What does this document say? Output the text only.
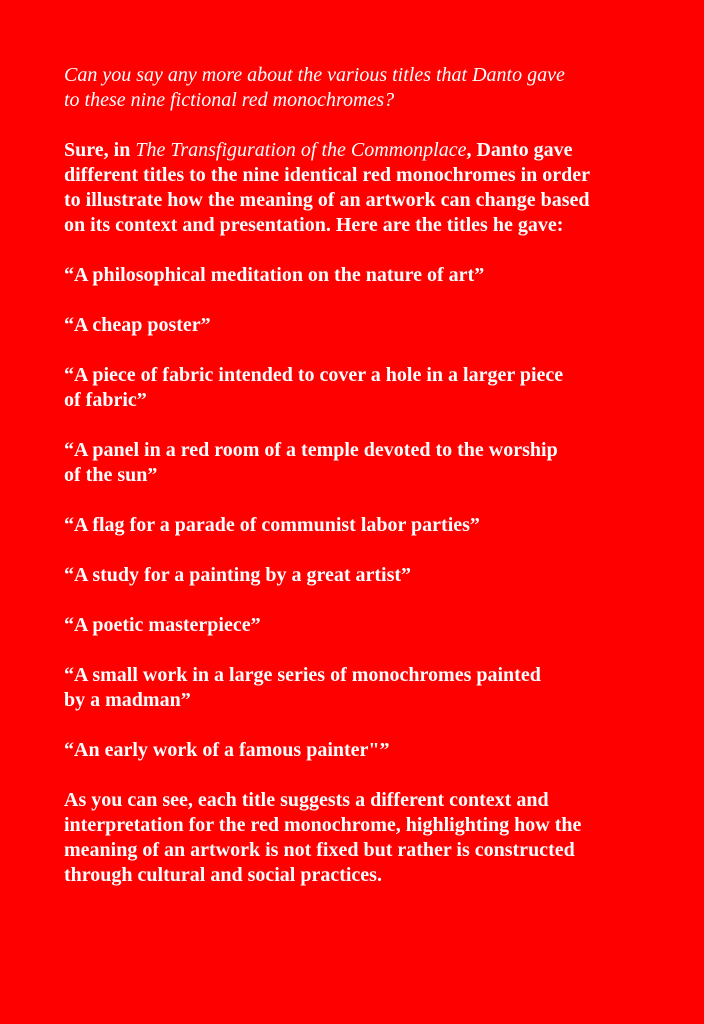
Can you say any more about the various titles that Danto gave
to these nine fictional red monochromes?

Sure, in The Transfiguration of the Commonplace, Danto gave
different titles to the nine identical red monochromes in order
to illustrate how the meaning of an artwork can change based
on its context and presentation. Here are the titles he gave:

“A philosophical meditation on the nature of art”

“A cheap poster”

“A piece of fabric intended to cover a hole in a larger piece
of fabric”

“A panel in a red room of a temple devoted to the worship
of the sun”

“A flag for a parade of communist labor parties”

“A study for a painting by a great artist”

“A poetic masterpiece”

“A small work in a large series of monochromes painted
by a madman”

“An early work of a famous painter"”

As you can see, each title suggests a different context and
interpretation for the red monochrome, highlighting how the
meaning of an artwork is not fixed but rather is constructed
through cultural and social practices.
